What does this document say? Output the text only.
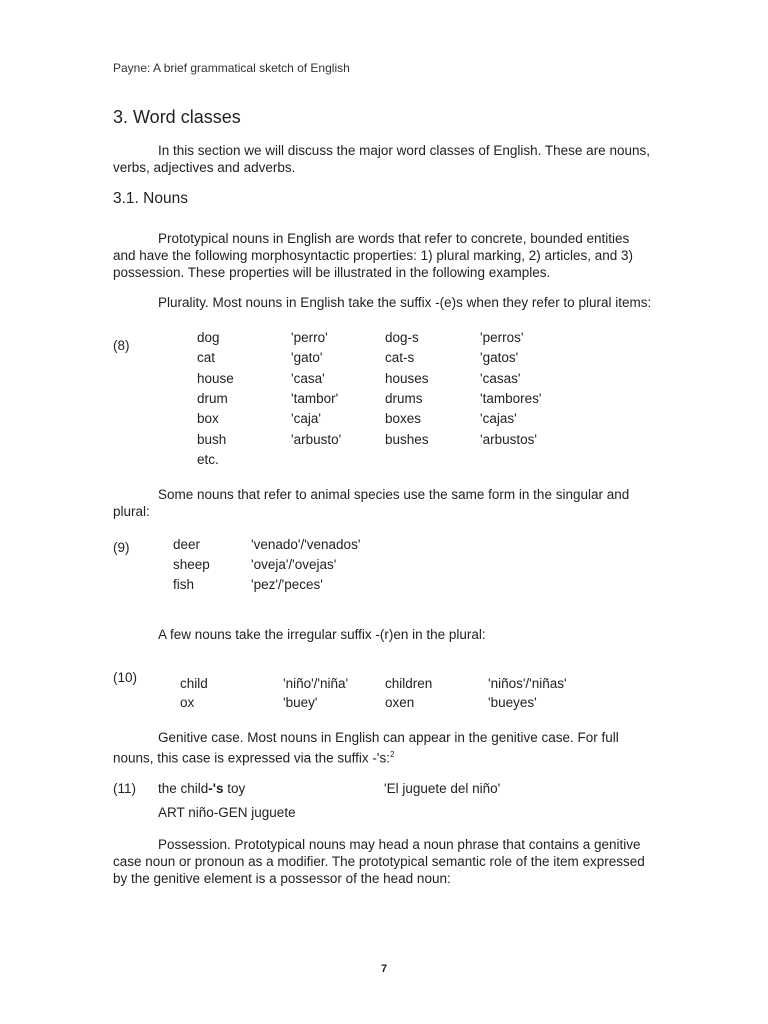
Payne: A brief grammatical sketch of English
3. Word classes
In this section we will discuss the major word classes of English. These are nouns, verbs, adjectives and adverbs.
3.1. Nouns
Prototypical nouns in English are words that refer to concrete, bounded entities and have the following morphosyntactic properties: 1) plural marking, 2) articles, and 3) possession. These properties will be illustrated in the following examples.
Plurality. Most nouns in English take the suffix -(e)s when they refer to plural items:
(8)
dog	'perro'	dog-s	'perros'
cat	'gato'	cat-s	'gatos'
house	'casa'	houses	'casas'
drum	'tambor'	drums	'tambores'
box	'caja'	boxes	'cajas'
bush	'arbusto'	bushes	'arbustos'
etc.
Some nouns that refer to animal species use the same form in the singular and plural:
(9)	deer	'venado'/'venados'
sheep	'oveja'/'ovejas'
fish	'pez'/'peces'
A few nouns take the irregular suffix -(r)en in the plural:
(10)	child	'niño'/'niña'	children	'niños'/'niñas'
ox	'buey'	oxen	'bueyes'
Genitive case. Most nouns in English can appear in the genitive case. For full nouns, this case is expressed via the suffix -'s:$^2$
(11) the child-'s toy	'El juguete del niño'
ART niño-GEN juguete
Possession. Prototypical nouns may head a noun phrase that contains a genitive case noun or pronoun as a modifier. The prototypical semantic role of the item expressed by the genitive element is a possessor of the head noun:
7
